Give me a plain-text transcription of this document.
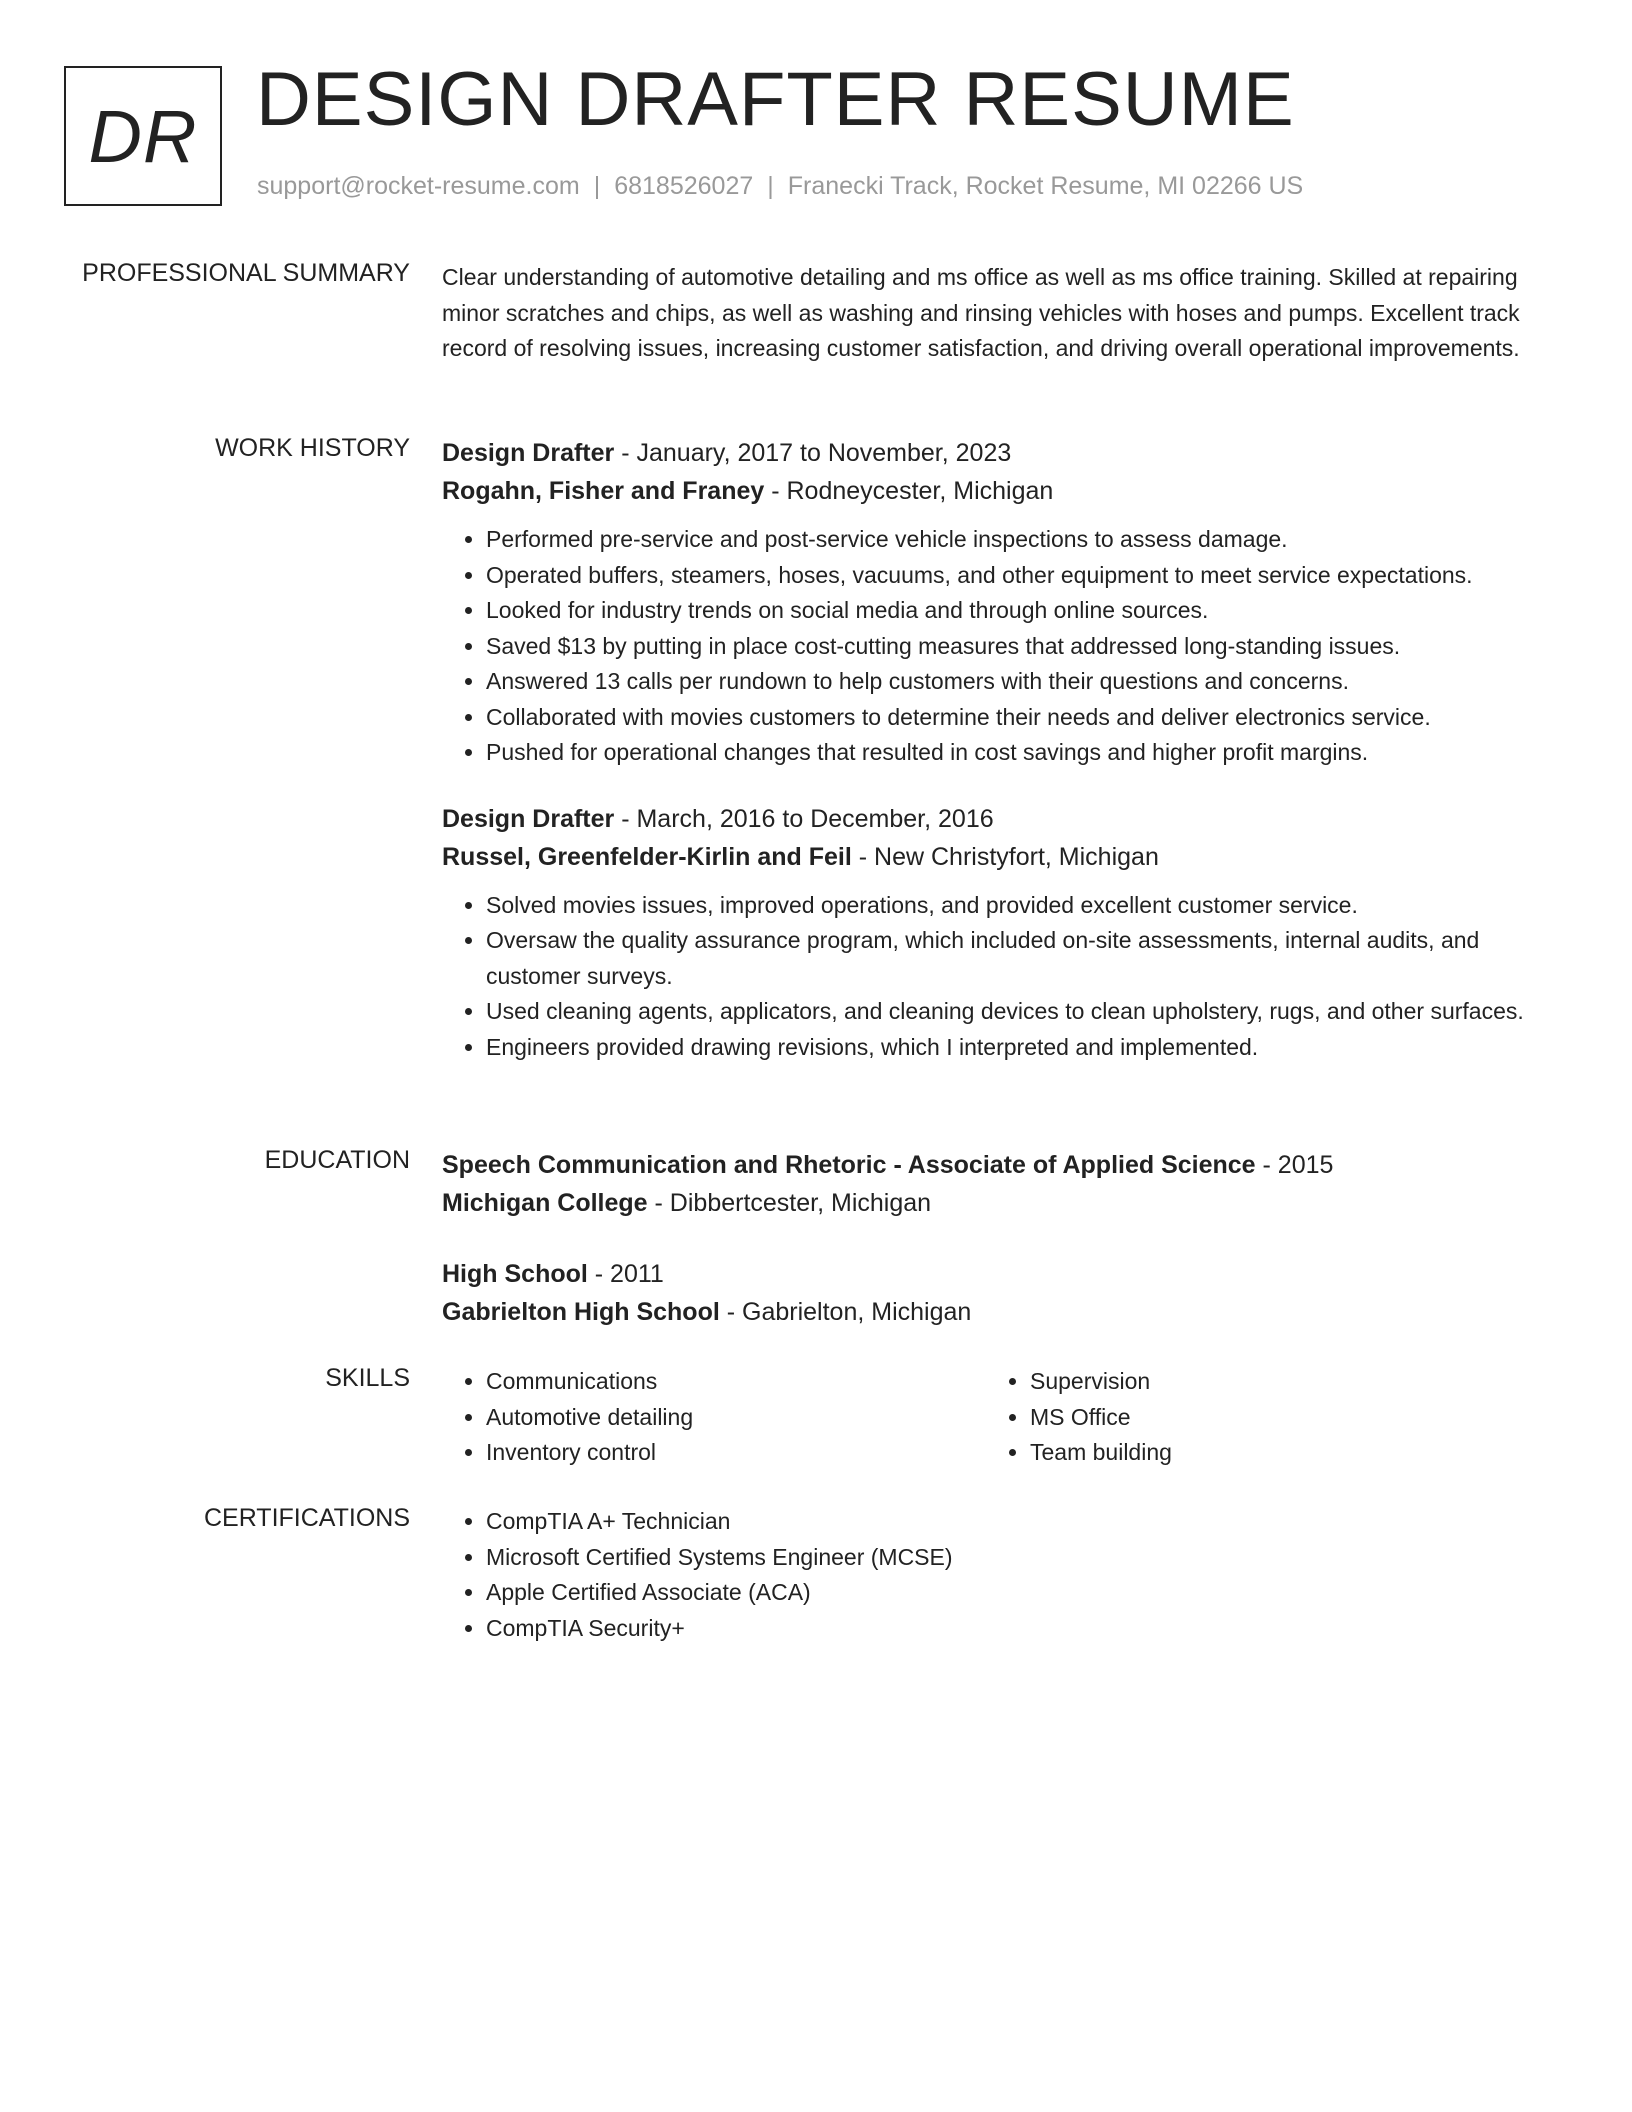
DR DESIGN DRAFTER RESUME
support@rocket-resume.com | 6818526027 | Franecki Track, Rocket Resume, MI 02266 US
PROFESSIONAL SUMMARY Clear understanding of automotive detailing and ms office as well as ms office training. Skilled at repairing minor scratches and chips, as well as washing and rinsing vehicles with hoses and pumps. Excellent track record of resolving issues, increasing customer satisfaction, and driving overall operational improvements.

WORK HISTORY Design Drafter - January, 2017 to November, 2023

Rogahn, Fisher and Franey - Rodneycester, Michigan

• Performed pre-service and post-service vehicle inspections to assess damage.
• Operated buffers, steamers, hoses, vacuums, and other equipment to meet service expectations.
• Looked for industry trends on social media and through online sources.
• Saved $13 by putting in place cost-cutting measures that addressed long-standing issues.
• Answered 13 calls per rundown to help customers with their questions and concerns.
• Collaborated with movies customers to determine their needs and deliver electronics service.
• Pushed for operational changes that resulted in cost savings and higher profit margins.

Design Drafter - March, 2016 to December, 2016

Russel, Greenfelder-Kirlin and Feil - New Christyfort, Michigan

• Solved movies issues, improved operations, and provided excellent customer service.
• Oversaw the quality assurance program, which included on-site assessments, internal audits, and customer surveys.
• Used cleaning agents, applicators, and cleaning devices to clean upholstery, rugs, and other surfaces.
• Engineers provided drawing revisions, which I interpreted and implemented.
EDUCATION Speech Communication and Rhetoric - Associate of Applied Science - 2015

Michigan College - Dibbertcester, Michigan

High School - 2011

Gabrielton High School - Gabrielton, Michigan

SKILLS	• Communications
• Automotive detailing
• Inventory control
• Supervision
• MS Office
• Team building
CERTIFICATIONS	• CompTIA A+ Technician
• Microsoft Certified Systems Engineer (MCSE)
• Apple Certified Associate (ACA)
• CompTIA Security+
